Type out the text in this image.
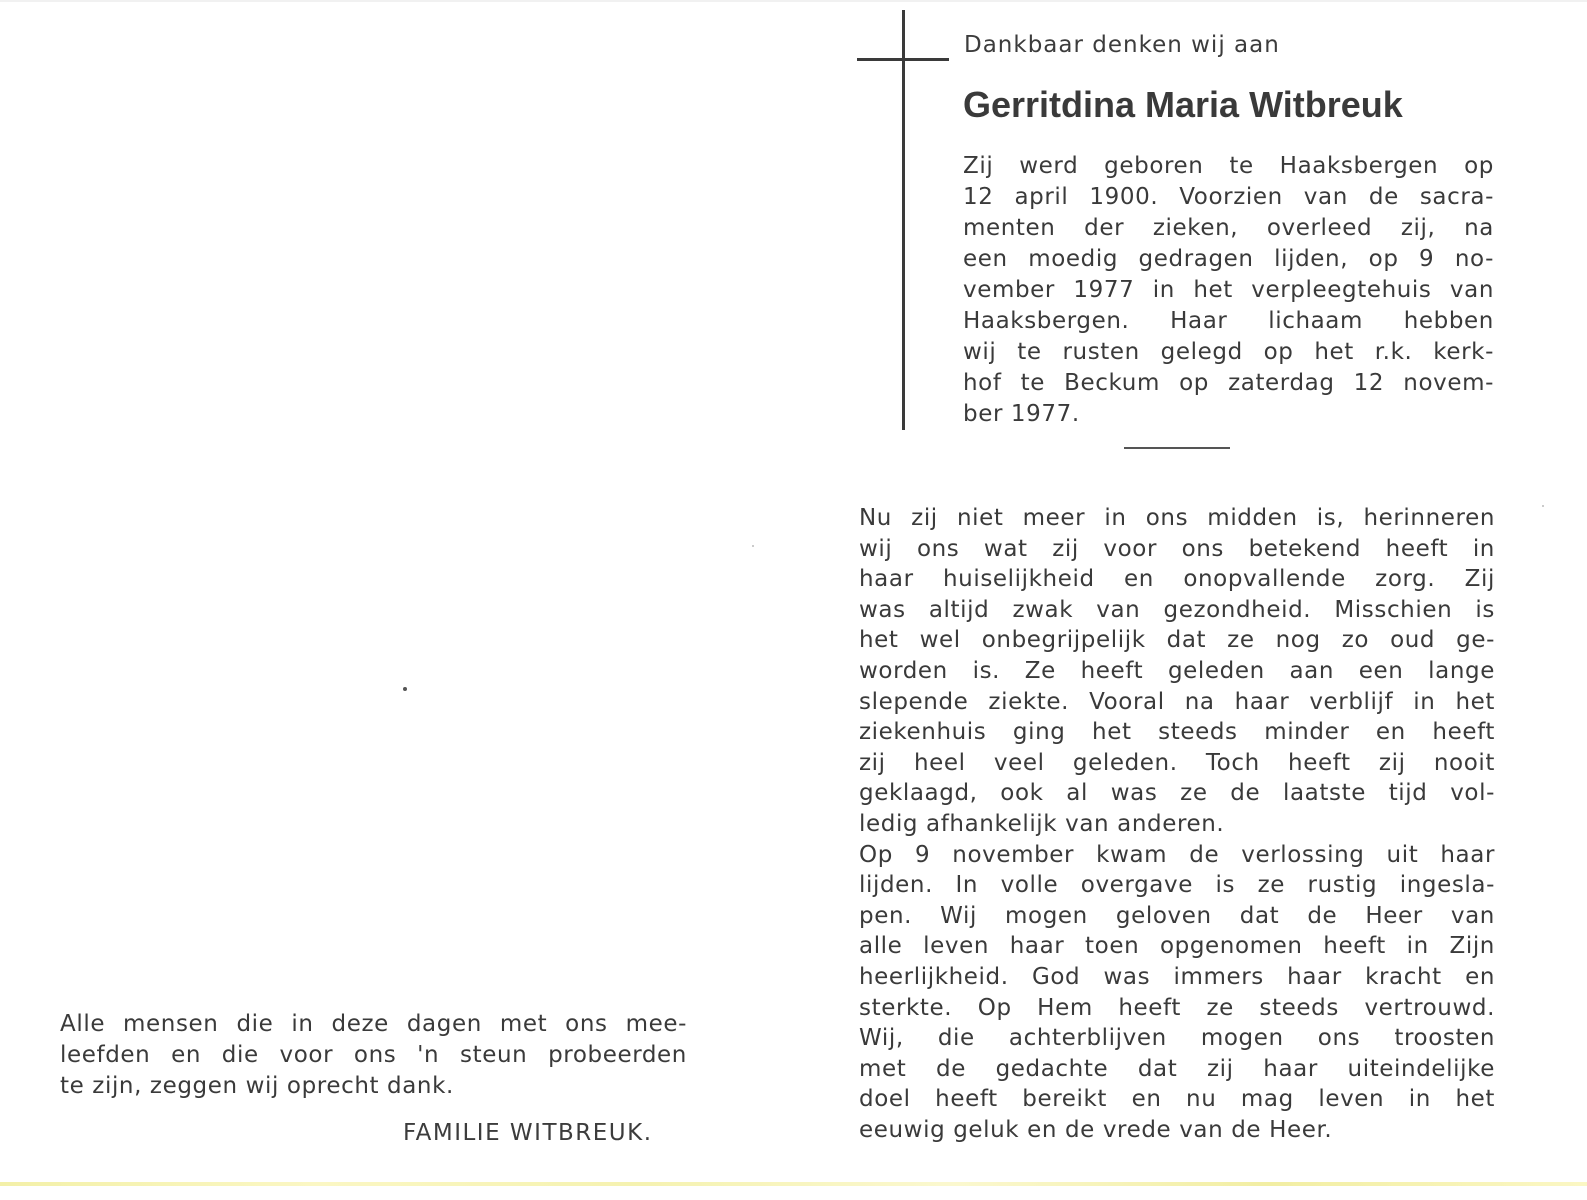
Dankbaar denken wij aan
Gerritdina Maria Witbreuk
Zij werd geboren te Haaksbergen op
12 april 1900. Voorzien van de sacra-
menten der zieken, overleed zij, na
een moedig gedragen lijden, op 9 no-
vember 1977 in het verpleegtehuis van
Haaksbergen. Haar lichaam hebben
wij te rusten gelegd op het r.k. kerk-
hof te Beckum op zaterdag 12 novem-
ber 1977.
Nu zij niet meer in ons midden is, herinneren
wij ons wat zij voor ons betekend heeft in
haar huiselijkheid en onopvallende zorg. Zij
was altijd zwak van gezondheid. Misschien is
het wel onbegrijpelijk dat ze nog zo oud ge-
worden is. Ze heeft geleden aan een lange
slepende ziekte. Vooral na haar verblijf in het
ziekenhuis ging het steeds minder en heeft
zij heel veel geleden. Toch heeft zij nooit
geklaagd, ook al was ze de laatste tijd vol-
ledig afhankelijk van anderen.
Op 9 november kwam de verlossing uit haar
lijden. In volle overgave is ze rustig ingesla-
pen. Wij mogen geloven dat de Heer van
alle leven haar toen opgenomen heeft in Zijn
heerlijkheid. God was immers haar kracht en
sterkte. Op Hem heeft ze steeds vertrouwd.
Wij, die achterblijven mogen ons troosten
met de gedachte dat zij haar uiteindelijke
doel heeft bereikt en nu mag leven in het
eeuwig geluk en de vrede van de Heer.
Alle mensen die in deze dagen met ons mee-
leefden en die voor ons 'n steun probeerden
te zijn, zeggen wij oprecht dank.
FAMILIE WITBREUK.
